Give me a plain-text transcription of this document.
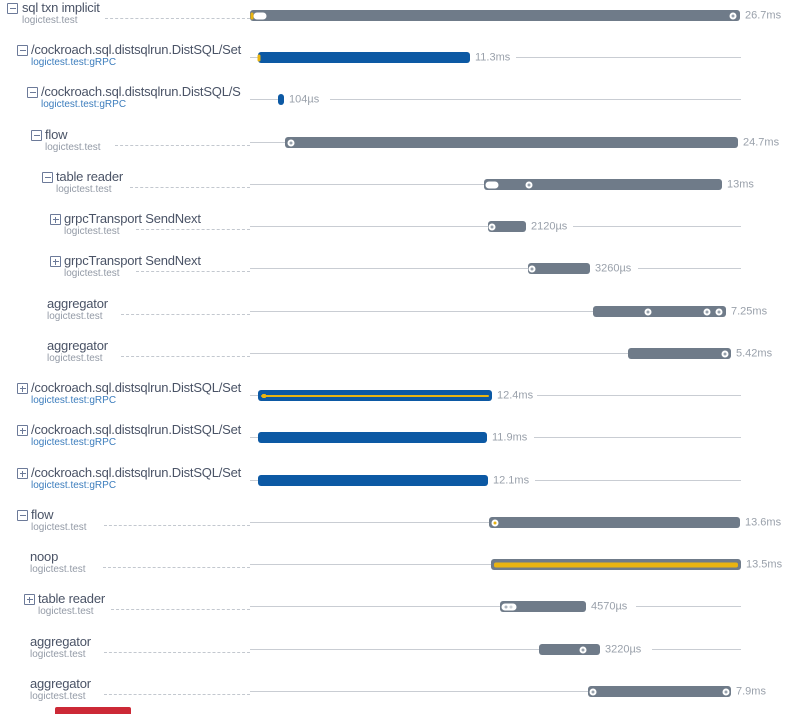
sql txn implicit
logictest.test	26.7ms
/cockroach.sql.distsqlrun.DistSQL/Set
logictest.test:gRPC	11.3ms
/cockroach.sql.distsqlrun.DistSQL/S
logictest.test:gRPC	104µs
flow
logictest.test	24.7ms
table reader
logictest.test	13ms
grpcTransport SendNext
logictest.test	2120µs
grpcTransport SendNext
logictest.test	3260µs
aggregator
logictest.test	7.25ms
aggregator
logictest.test	5.42ms
/cockroach.sql.distsqlrun.DistSQL/Set
logictest.test:gRPC	12.4ms
/cockroach.sql.distsqlrun.DistSQL/Set
logictest.test:gRPC	11.9ms
/cockroach.sql.distsqlrun.DistSQL/Set
logictest.test:gRPC	12.1ms
flow
logictest.test	13.6ms
noop
logictest.test	13.5ms
table reader
logictest.test	4570µs
aggregator
logictest.test	3220µs
aggregator
logictest.test	7.9ms
